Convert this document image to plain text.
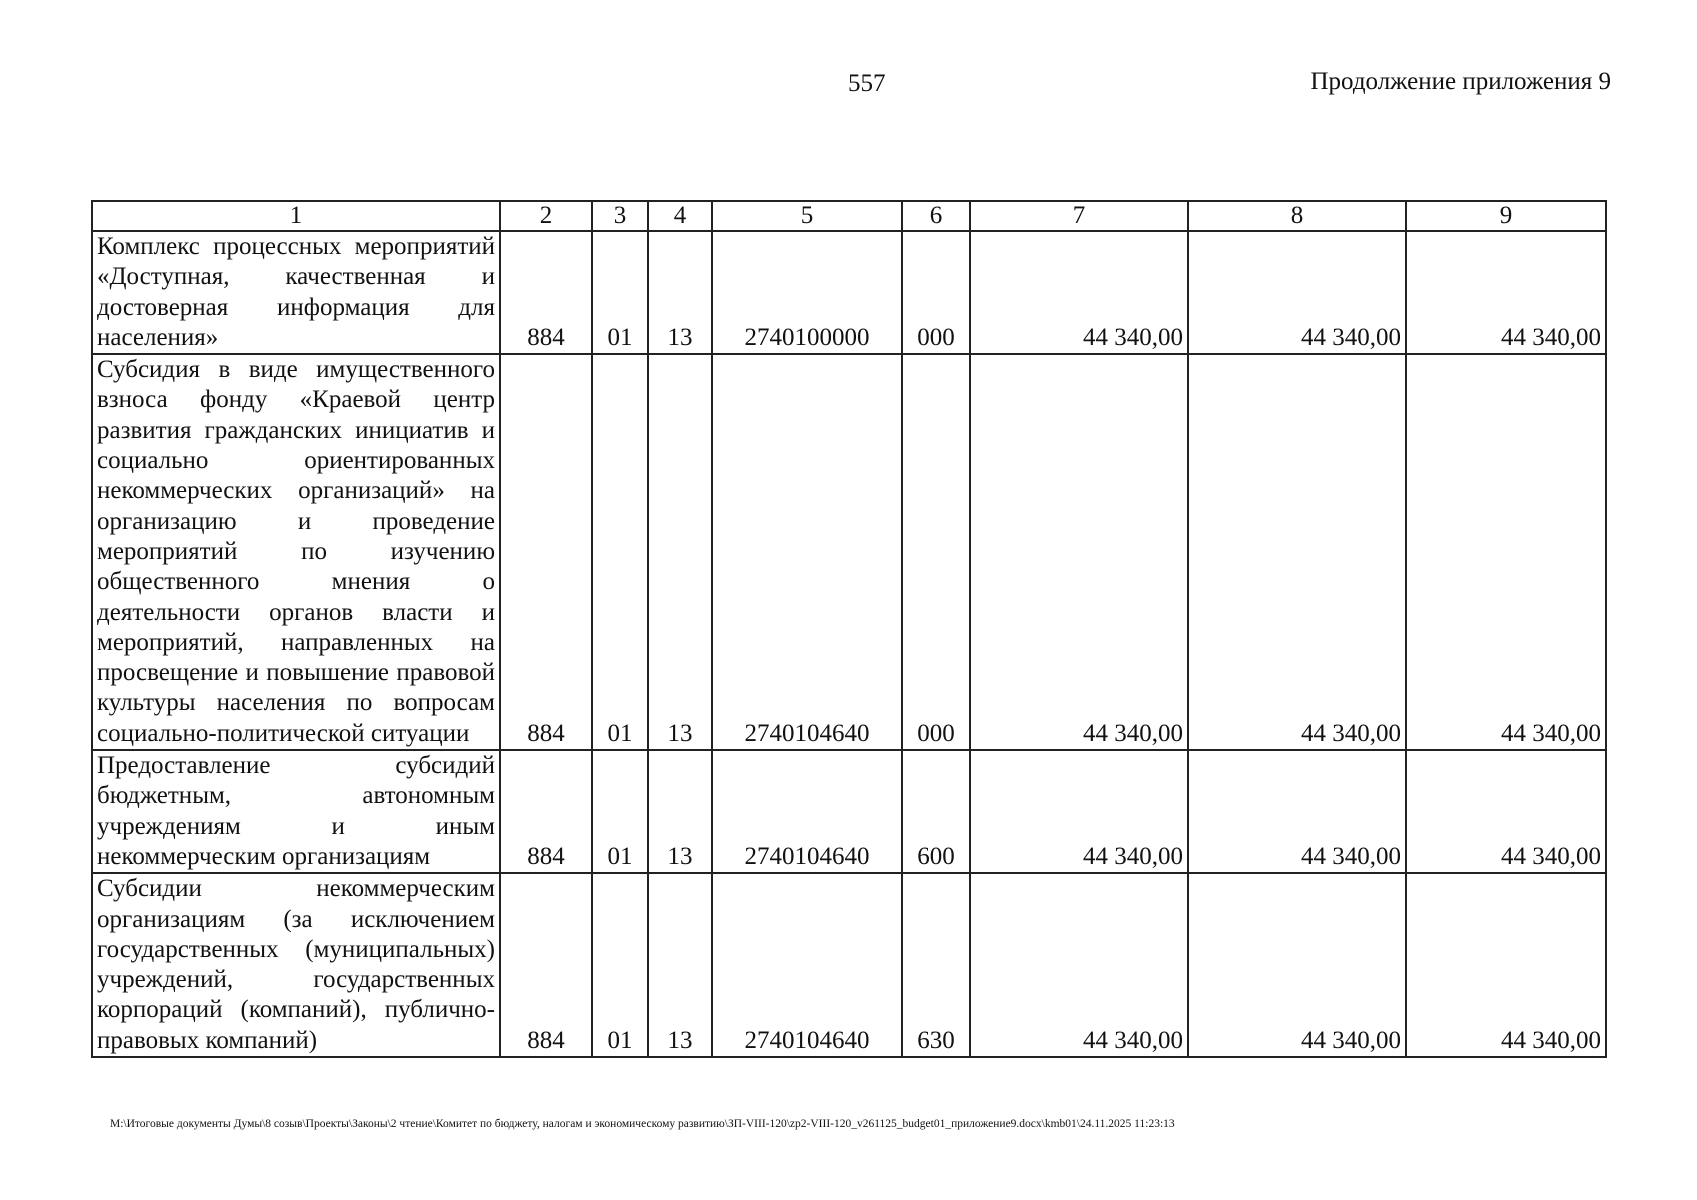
557	Продолжение приложения 9
1	2	3	4	5	6	7	8	9
Комплекс процессных мероприятий «Доступная, качественная и достоверная информация для населения»	884	01	13	2740100000	000	44 340,00	44 340,00	44 340,00
Субсидия в виде имущественного взноса фонду «Краевой центр развития гражданских инициатив и социально ориентированных некоммерческих организаций» на организацию и проведение мероприятий по изучению общественного мнения о деятельности органов власти и мероприятий, направленных на просвещение и повышение правовой культуры населения по вопросам социально-политической ситуации	884	01	13	2740104640	000	44 340,00	44 340,00	44 340,00
Предоставление субсидий бюджетным, автономным учреждениям и иным некоммерческим организациям	884	01	13	2740104640	600	44 340,00	44 340,00	44 340,00
Субсидии некоммерческим организациям (за исключением государственных (муниципальных) учреждений, государственных корпораций (компаний), публично-правовых компаний)	884	01	13	2740104640	630	44 340,00	44 340,00	44 340,00
M:\Итоговые документы Думы\8 созыв\Проекты\Законы\2 чтение\Комитет по бюджету, налогам и экономическому развитию\ЗП-VIII-120\zp2-VIII-120_v261125_budget01_приложение9.docx\kmb01\24.11.2025 11:23:13
